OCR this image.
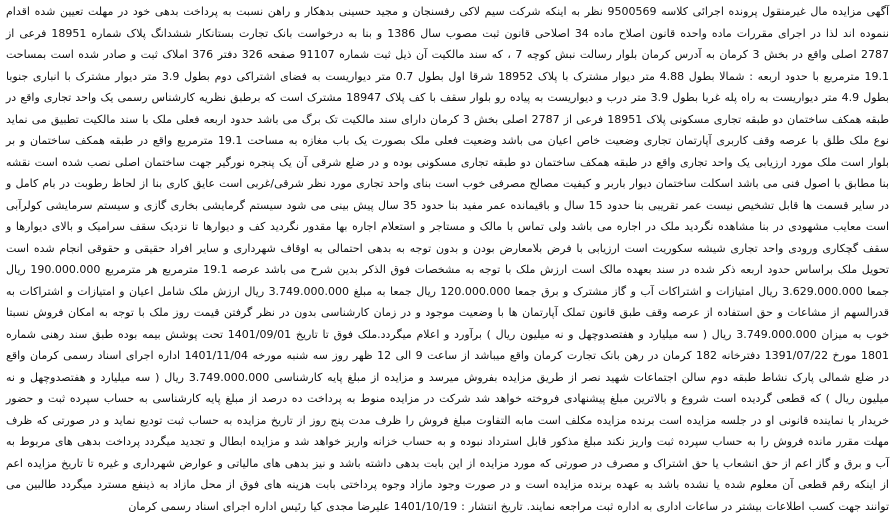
آگهی مزایده مال غیرمنقول پرونده اجرائی کلاسه 9500569 نظر به اینکه شرکت سیم لاکی رفسنجان و مجید حسینی بدهکار و راهن نسبت به پرداخت بدهی خود در مهلت تعیین شده اقدام ننموده اند لذا در اجرای مقررات ماده واحده قانون اصلاح ماده 34 اصلاحی قانون ثبت مصوب سال 1386 و بنا به درخواست بانک تجارت بستانکار ششدانگ پلاک شماره 18951 فرعی از 2787 اصلی واقع در بخش 3 کرمان به آدرس کرمان بلوار رسالت نبش کوچه 7 ، که سند مالکیت آن ذیل ثبت شماره 91107 صفحه 326 دفتر 376 املاک ثبت و صادر شده است بمساحت 19.1 مترمربع با حدود اربعه : شمالا بطول 4.88 متر دیوار مشترک با پلاک 18952 شرقا اول بطول 0.7 متر دیواریست به فضای اشتراکی دوم بطول 3.9 متر دیوار مشترک با انباری جنوبا بطول 4.9 متر دیواریست به راه پله غربا بطول 3.9 متر درب و دیواریست به پیاده رو بلوار سقف با کف پلاک 18947 مشترک است که برطبق نظریه کارشناس رسمی یک واحد تجاری واقع در طبقه همکف ساختمان دو طبقه تجاری مسکونی پلاک 18951 فرعی از 2787 اصلی بخش 3 کرمان دارای سند مالکیت تک برگ می باشد حدود اربعه فعلی ملک با سند مالکیت تطبیق می نماید نوع ملک طلق با عرصه وقف کاربری آپارتمان تجاری وضعیت خاص اعیان می باشد وضعیت فعلی ملک بصورت یک باب مغازه به مساحت 19.1 مترمربع واقع در طبقه همکف ساختمان و بر بلوار است ملک مورد ارزیابی یک واحد تجاری واقع در طبقه همکف ساختمان دو طبقه تجاری مسکونی بوده و در ضلع شرقی آن یک پنجره نورگیر جهت ساختمان اصلی نصب شده است نقشه بنا مطابق با اصول فنی می باشد اسکلت ساختمان دیوار باربر و کیفیت مصالح مصرفی خوب است بنای واحد تجاری مورد نظر شرقی/غربی است عایق کاری بنا از لحاظ رطوبت در بام کامل و در سایر قسمت ها قابل تشخیص نیست عمر تقریبی بنا حدود 15 سال و باقیمانده عمر مفید بنا حدود 35 سال پیش بینی می شود سیستم گرمایشی بخاری گازی و سیستم سرمایشی کولرآبی است معایب مشهودی در بنا مشاهده نگردید ملک در اجاره می باشد ولی تماس با مالک و مستاجر و استعلام اجاره بها مقدور نگردید کف و دیوارها تا نزدیک سقف سرامیک و بالای دیوارها و سقف گچکاری ورودی واحد تجاری شیشه سکوریت است ارزیابی با فرض بلامعارض بودن و بدون توجه به بدهی احتمالی به اوقاف شهرداری و سایر افراد حقیقی و حقوقی انجام شده است تحویل ملک براساس حدود اربعه ذکر شده در سند بعهده مالک است ارزش ملک با توجه به مشخصات فوق الذکر بدین شرح می باشد عرصه 19.1 مترمربع هر مترمربع 190.000.000 ریال جمعا 3.629.000.000 ریال امتیازات و اشتراکات آب و گاز مشترک و برق جمعا 120.000.000 ریال جمعا به مبلغ 3.749.000.000 ریال ارزش ملک شامل اعیان و امتیازات و اشتراکات به قدرالسهم از مشاعات و حق استفاده از عرصه وقف طبق قانون تملک آپارتمان ها با وضعیت موجود و در زمان کارشناسی بدون در نظر گرفتن قیمت روز ملک با توجه به امکان فروش نسبتا خوب به میزان 3.749.000.000 ریال ( سه میلیارد و هفتصدوچهل و نه میلیون ریال ) برآورد و اعلام میگردد.ملک فوق تا تاریخ 1401/09/01 تحت پوشش بیمه بوده طبق سند رهنی شماره 1801 مورخ 1391/07/22 دفترخانه 182 کرمان در رهن بانک تجارت کرمان واقع میباشد از ساعت 9 الی 12 ظهر روز سه شنبه مورخه 1401/11/04 اداره اجرای اسناد رسمی کرمان واقع در ضلع شمالی پارک نشاط طبقه دوم سالن اجتماعات شهید نصر از طریق مزایده بفروش میرسد و مزایده از مبلغ پایه کارشناسی 3.749.000.000 ریال ( سه میلیارد و هفتصدوچهل و نه میلیون ریال ) که قطعی گردیده است شروع و بالاترین مبلغ پیشنهادی فروخته خواهد شد شرکت در مزایده منوط به پرداخت ده درصد از مبلغ پایه کارشناسی به حساب سپرده ثبت و حضور خریدار یا نماینده قانونی او در جلسه مزایده است برنده مزایده مکلف است مابه التفاوت مبلغ فروش را ظرف مدت پنج روز از تاریخ مزایده به حساب ثبت تودیع نماید و در صورتی که ظرف مهلت مقرر مانده فروش را به حساب سپرده ثبت واریز نکند مبلغ مذکور قابل استرداد نبوده و به حساب خزانه واریز خواهد شد و مزایده ابطال و تجدید میگردد پرداخت بدهی های مربوط به آب و برق و گاز اعم از حق انشعاب یا حق اشتراک و مصرف در صورتی که مورد مزایده از این بابت بدهی داشته باشد و نیز بدهی های مالیاتی و عوارض شهرداری و غیره تا تاریخ مزایده اعم از اینکه رقم قطعی آن معلوم شده یا نشده باشد به عهده برنده مزایده است و در صورت وجود مازاد وجوه پرداختی بابت هزینه های فوق از محل مازاد به ذینفع مسترد میگردد طالبین می توانند جهت کسب اطلاعات بیشتر در ساعات اداری به اداره ثبت مراجعه نمایند. تاریخ انتشار : 1401/10/19 علیرضا مجدی کیا رئیس اداره اجرای اسناد رسمی کرمان
